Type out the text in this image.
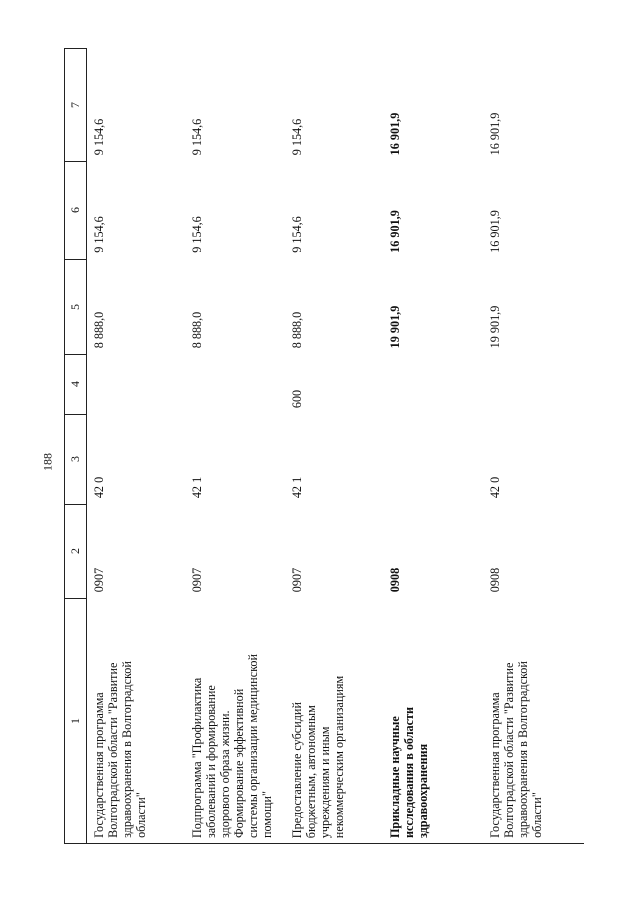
188
1
2
3
4
5
6
7
Государственная программа Волгоградской области "Развитие здравоохранения в Волгоградской области"
0907
42 0
8 888,0
9 154,6
9 154,6
Подпрограмма "Профилактика заболеваний и формирование здорового образа жизни. Формирование эффективной системы организации медицинской помощи"
0907
42 1
8 888,0
9 154,6
9 154,6
Предоставление субсидий бюджетным, автономным учреждениям и иным некоммерческим организациям
0907
42 1
600
8 888,0
9 154,6
9 154,6
Прикладные научные исследования в области здравоохранения
0908
19 901,9
16 901,9
16 901,9
Государственная программа Волгоградской области "Развитие здравоохранения в Волгоградской области"
0908
42 0
19 901,9
16 901,9
16 901,9
